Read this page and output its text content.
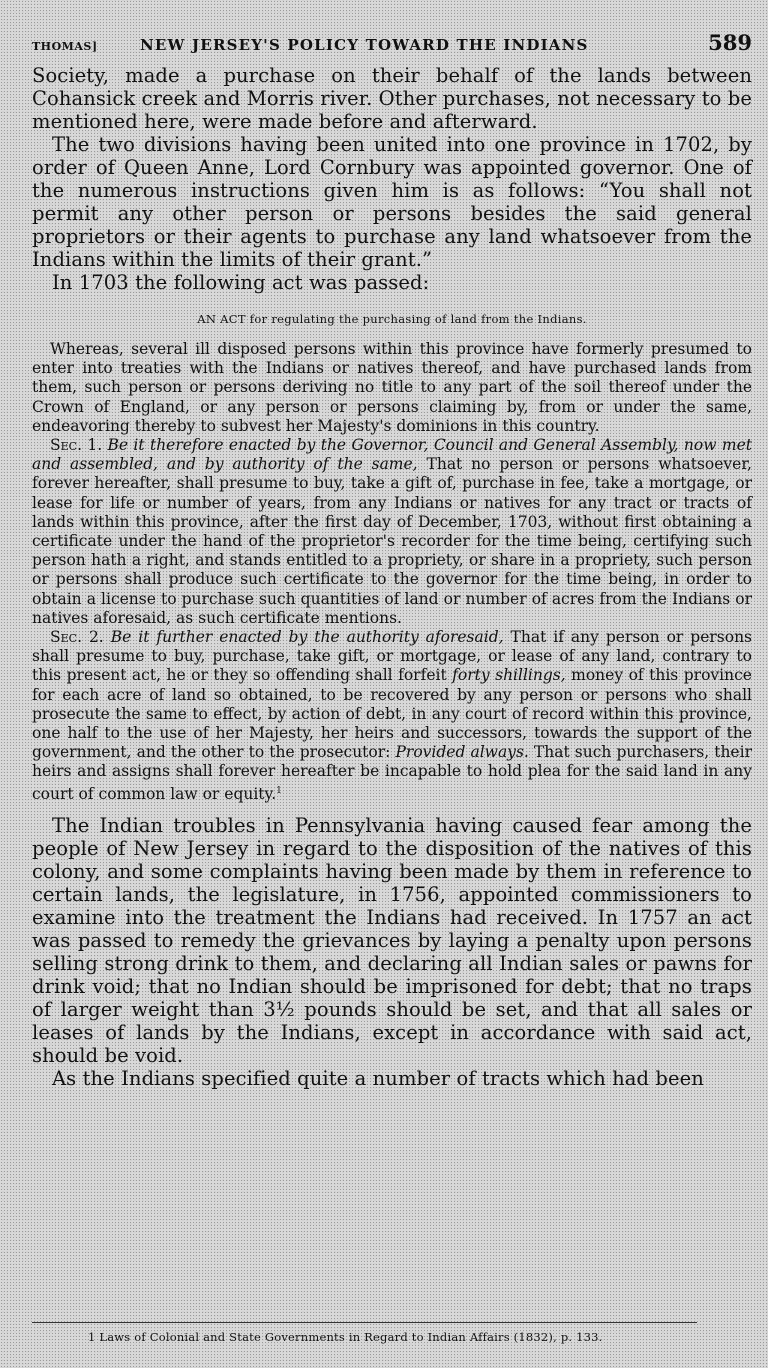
THOMAS]	NEW JERSEY'S POLICY TOWARD THE INDIANS	589

Society, made a purchase on their behalf of the lands between Cohansick creek and Morris river. Other purchases, not necessary to be mentioned here, were made before and afterward.

The two divisions having been united into one province in 1702, by order of Queen Anne, Lord Cornbury was appointed governor. One of the numerous instructions given him is as follows: “You shall not permit any other person or persons besides the said general proprietors or their agents to purchase any land whatsoever from the Indians within the limits of their grant.”

In 1703 the following act was passed:

AN ACT for regulating the purchasing of land from the Indians.

Whereas, several ill disposed persons within this province have formerly presumed to enter into treaties with the Indians or natives thereof, and have purchased lands from them, such person or persons deriving no title to any part of the soil thereof under the Crown of England, or any person or persons claiming by, from or under the same, endeavoring thereby to subvest her Majesty's dominions in this country.

Sec. 1. Be it therefore enacted by the Governor, Council and General Assembly, now met and assembled, and by authority of the same, That no person or persons whatsoever, forever hereafter, shall presume to buy, take a gift of, purchase in fee, take a mortgage, or lease for life or number of years, from any Indians or natives for any tract or tracts of lands within this province, after the first day of December, 1703, without first obtaining a certificate under the hand of the proprietor's recorder for the time being, certifying such person hath a right, and stands entitled to a propriety, or share in a propriety, such person or persons shall produce such certificate to the governor for the time being, in order to obtain a license to purchase such quantities of land or number of acres from the Indians or natives aforesaid, as such certificate mentions.

Sec. 2. Be it further enacted by the authority aforesaid, That if any person or persons shall presume to buy, purchase, take gift, or mortgage, or lease of any land, contrary to this present act, he or they so offending shall forfeit forty shillings, money of this province for each acre of land so obtained, to be recovered by any person or persons who shall prosecute the same to effect, by action of debt, in any court of record within this province, one half to the use of her Majesty, her heirs and successors, towards the support of the government, and the other to the prosecutor: Provided always. That such purchasers, their heirs and assigns shall forever hereafter be incapable to hold plea for the said land in any court of common law or equity.$^1$

The Indian troubles in Pennsylvania having caused fear among the people of New Jersey in regard to the disposition of the natives of this colony, and some complaints having been made by them in reference to certain lands, the legislature, in 1756, appointed commissioners to examine into the treatment the Indians had received. In 1757 an act was passed to remedy the grievances by laying a penalty upon persons selling strong drink to them, and declaring all Indian sales or pawns for drink void; that no Indian should be imprisoned for debt; that no traps of larger weight than 3½ pounds should be set, and that all sales or leases of lands by the Indians, except in accordance with said act, should be void.

As the Indians specified quite a number of tracts which had been

1 Laws of Colonial and State Governments in Regard to Indian Affairs (1832), p. 133.
